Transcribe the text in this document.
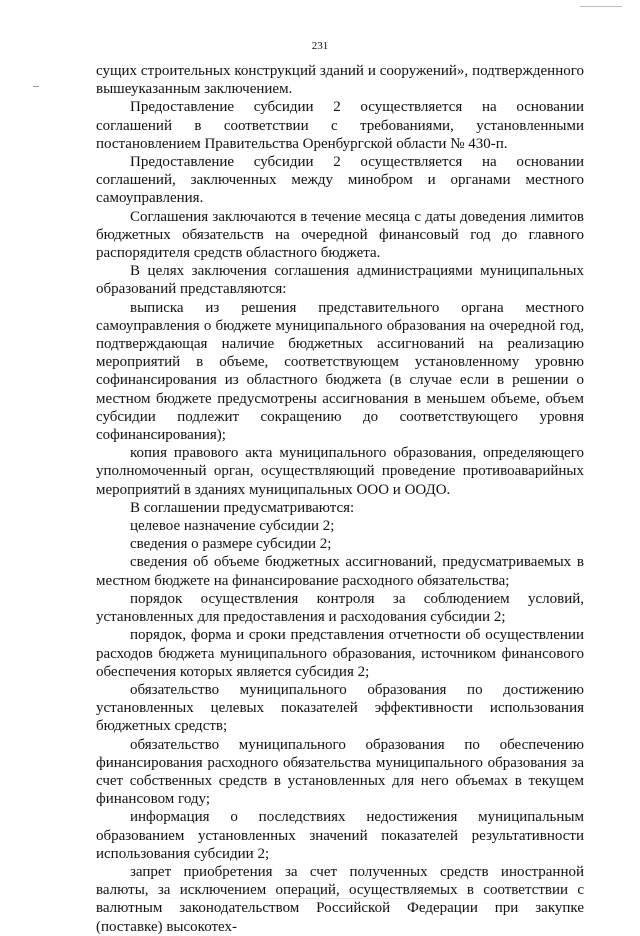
231

сущих строительных конструкций зданий и сооружений», подтвержденного вышеуказанным заключением.

Предоставление субсидии 2 осуществляется на основании соглашений в соответствии с требованиями, установленными постановлением Правительства Оренбургской области № 430-п.

Предоставление субсидии 2 осуществляется на основании соглашений, заключенных между минобром и органами местного самоуправления.

Соглашения заключаются в течение месяца с даты доведения лимитов бюджетных обязательств на очередной финансовый год до главного распорядителя средств областного бюджета.

В целях заключения соглашения администрациями муниципальных образований представляются:

выписка из решения представительного органа местного самоуправления о бюджете муниципального образования на очередной год, подтверждающая наличие бюджетных ассигнований на реализацию мероприятий в объеме, соответствующем установленному уровню софинансирования из областного бюджета (в случае если в решении о местном бюджете предусмотрены ассигнования в меньшем объеме, объем субсидии подлежит сокращению до соответствующего уровня софинансирования);

копия правового акта муниципального образования, определяющего уполномоченный орган, осуществляющий проведение противоаварийных мероприятий в зданиях муниципальных ООО и ООДО.

В соглашении предусматриваются:

целевое назначение субсидии 2;

сведения о размере субсидии 2;

сведения об объеме бюджетных ассигнований, предусматриваемых в местном бюджете на финансирование расходного обязательства;

порядок осуществления контроля за соблюдением условий, установленных для предоставления и расходования субсидии 2;

порядок, форма и сроки представления отчетности об осуществлении расходов бюджета муниципального образования, источником финансового обеспечения которых является субсидия 2;

обязательство муниципального образования по достижению установленных целевых показателей эффективности использования бюджетных средств;

обязательство муниципального образования по обеспечению финансирования расходного обязательства муниципального образования за счет собственных средств в установленных для него объемах в текущем финансовом году;

информация о последствиях недостижения муниципальным образованием установленных значений показателей результативности использования субсидии 2;

запрет приобретения за счет полученных средств иностранной валюты, за исключением операций, осуществляемых в соответствии с валютным законодательством Российской Федерации при закупке (поставке) высокотех-
